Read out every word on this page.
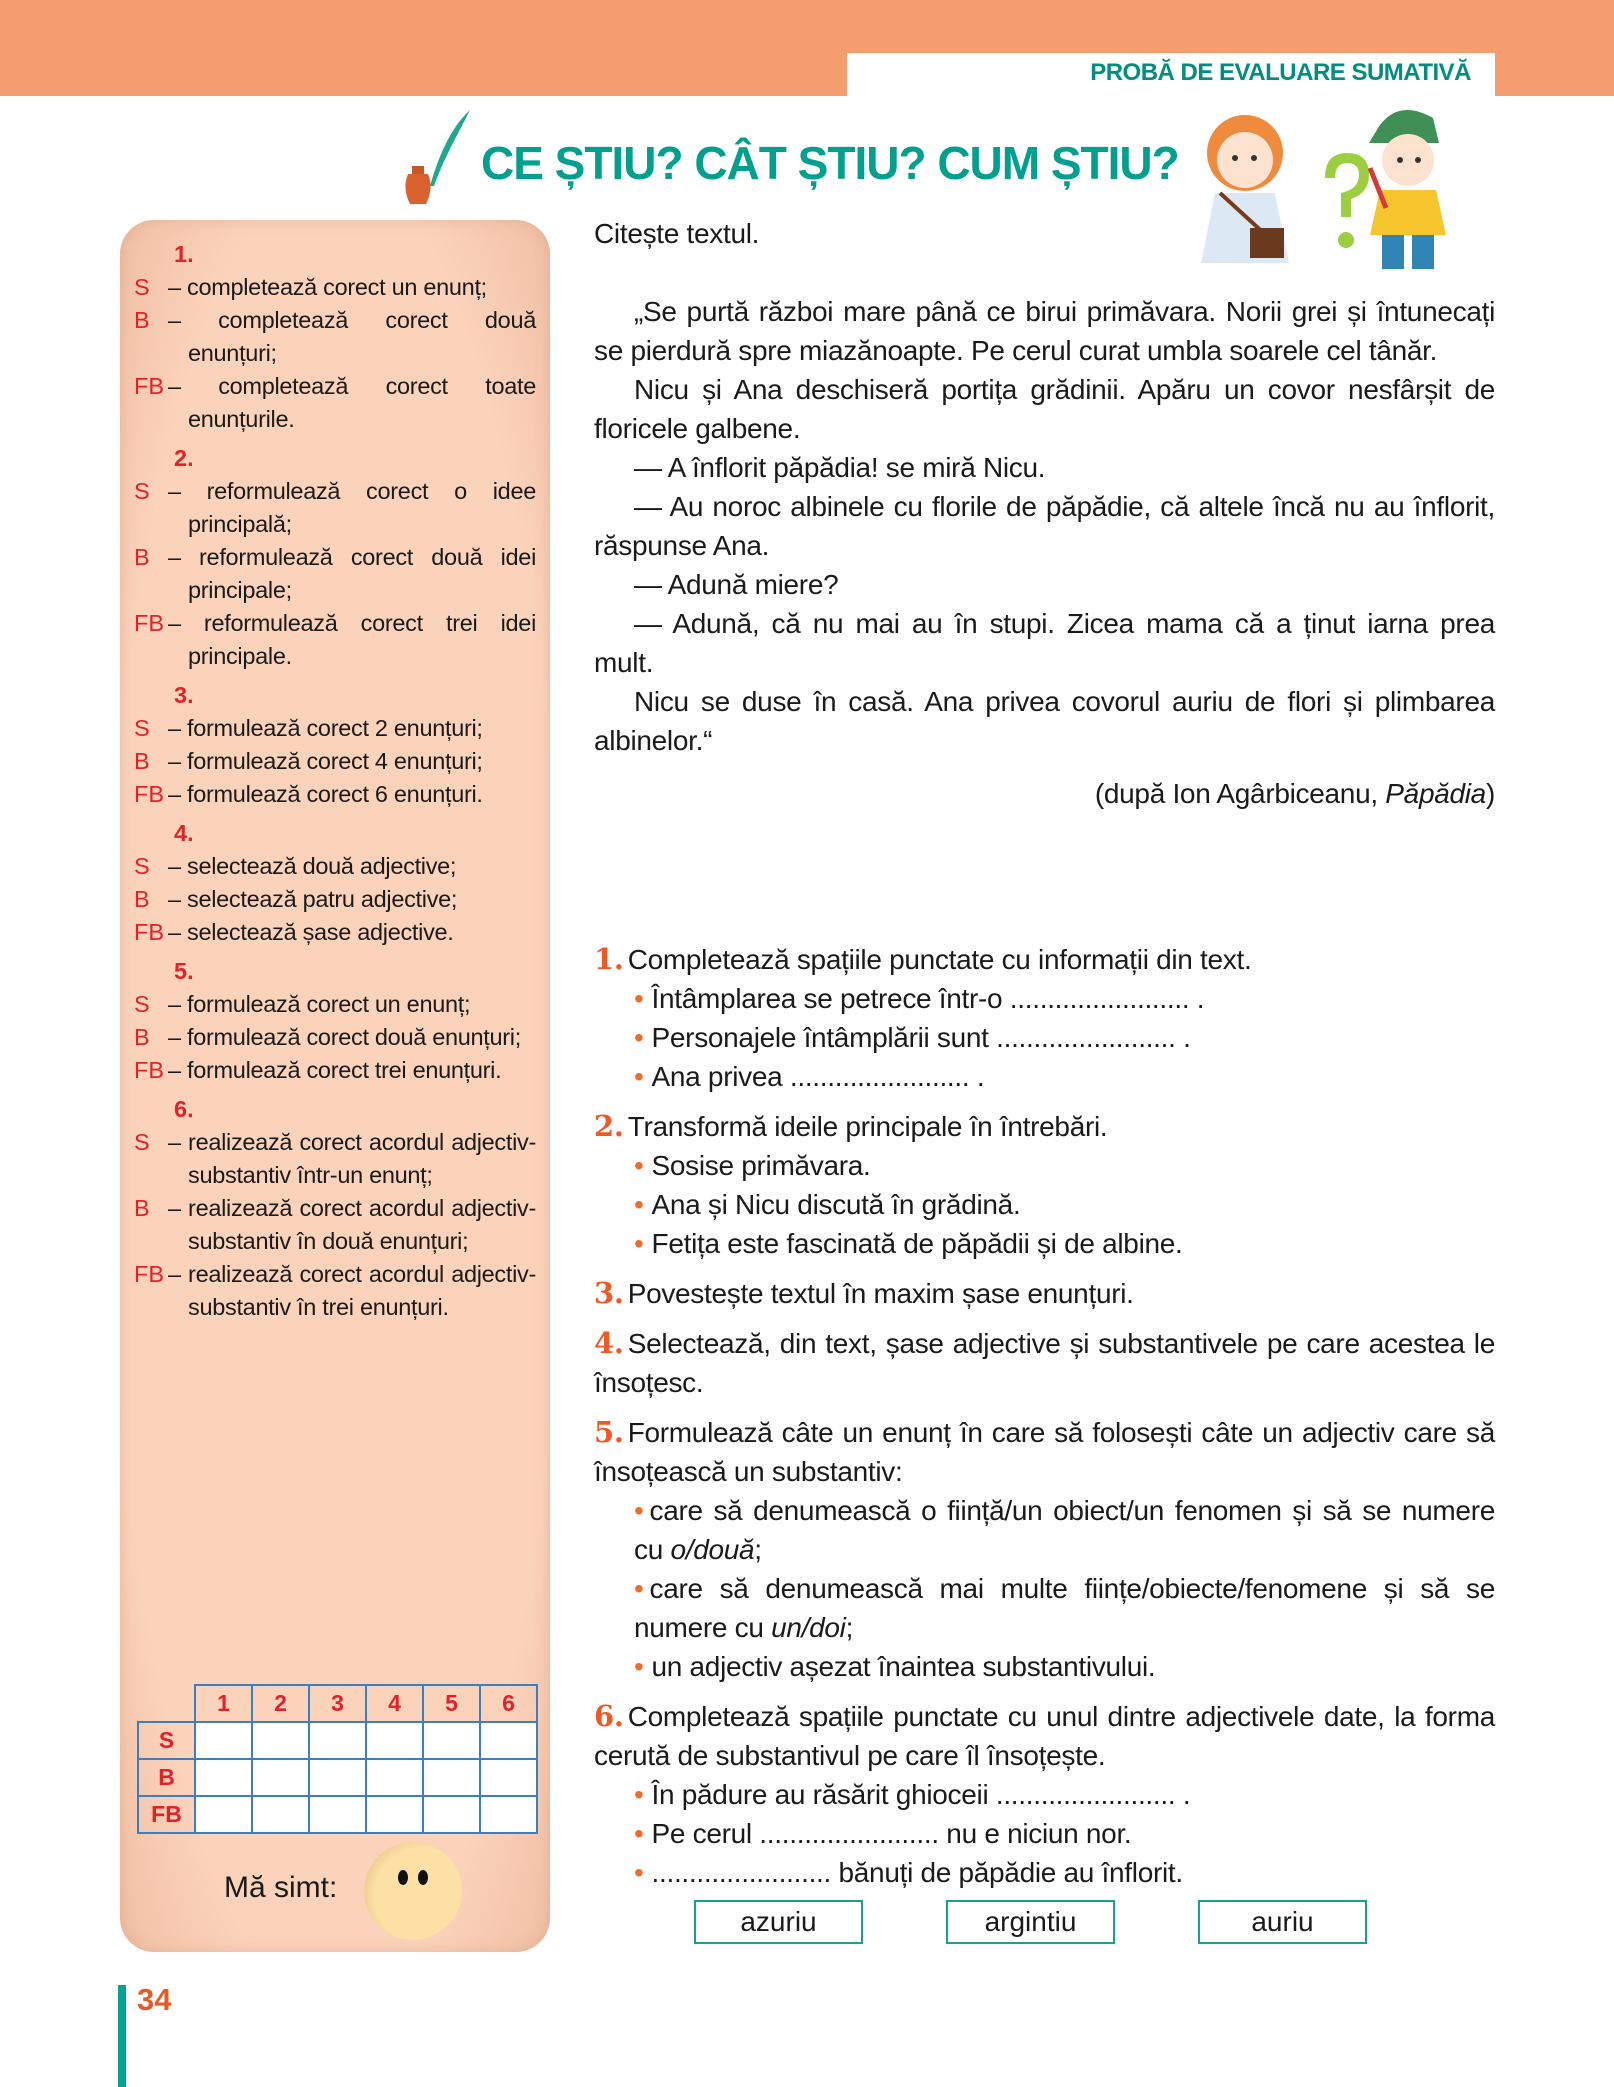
PROBĂ DE EVALUARE SUMATIVĂ
CE ȘTIU? CÂT ȘTIU? CUM ȘTIU?
1.
S – completează corect un enunț;
B – completează corect două enunțuri;
FB – completează corect toate enunțurile.
2.
S – reformulează corect o idee principală;
B – reformulează corect două idei principale;
FB – reformulează corect trei idei principale.
3.
S – formulează corect 2 enunțuri;
B – formulează corect 4 enunțuri;
FB – formulează corect 6 enunțuri.
4.
S – selectează două adjective;
B – selectează patru adjective;
FB – selectează șase adjective.
5.
S – formulează corect un enunț;
B – formulează corect două enunțuri;
FB – formulează corect trei enunțuri.
6.
S – realizează corect acordul adjectiv-substantiv într-un enunț;
B – realizează corect acordul adjectiv-substantiv în două enunțuri;
FB – realizează corect acordul adjectiv-substantiv în trei enunțuri.
	1	2	3	4	5	6
S						
B						
FB						
Mă simt:
34
Citește textul.

„Se purtă război mare până ce birui primăvara. Norii grei și întunecați se pierdură spre miazănoapte. Pe cerul curat umbla soarele cel tânăr.

Nicu și Ana deschiseră portița grădinii. Apăru un covor nesfârșit de floricele galbene.

— A înflorit păpădia! se miră Nicu.

— Au noroc albinele cu florile de păpădie, că altele încă nu au înflorit, răspunse Ana.

— Adună miere?

— Adună, că nu mai au în stupi. Zicea mama că a ținut iarna prea mult.

Nicu se duse în casă. Ana privea covorul auriu de flori și plimbarea albinelor.“

(după Ion Agârbiceanu, Păpădia)
1. Completează spațiile punctate cu informații din text.
• Întâmplarea se petrece într-o ........................ .
• Personajele întâmplării sunt ........................ .
• Ana privea ........................ .
2. Transformă ideile principale în întrebări.
• Sosise primăvara.
• Ana și Nicu discută în grădină.
• Fetița este fascinată de păpădii și de albine.
3. Povestește textul în maxim șase enunțuri.
4. Selectează, din text, șase adjective și substantivele pe care acestea le însoțesc.
5. Formulează câte un enunț în care să folosești câte un adjectiv care să însoțească un substantiv:
• care să denumească o ființă/un obiect/un fenomen și să se numere cu o/două;
• care să denumească mai multe ființe/obiecte/fenomene și să se numere cu un/doi;
• un adjectiv așezat înaintea substantivului.
6. Completează spațiile punctate cu unul dintre adjectivele date, la forma cerută de substantivul pe care îl însoțește.
• În pădure au răsărit ghioceii ........................ .
• Pe cerul ........................ nu e niciun nor.
• ........................ bănuți de păpădie au înflorit.
azuriu	argintiu	auriu
